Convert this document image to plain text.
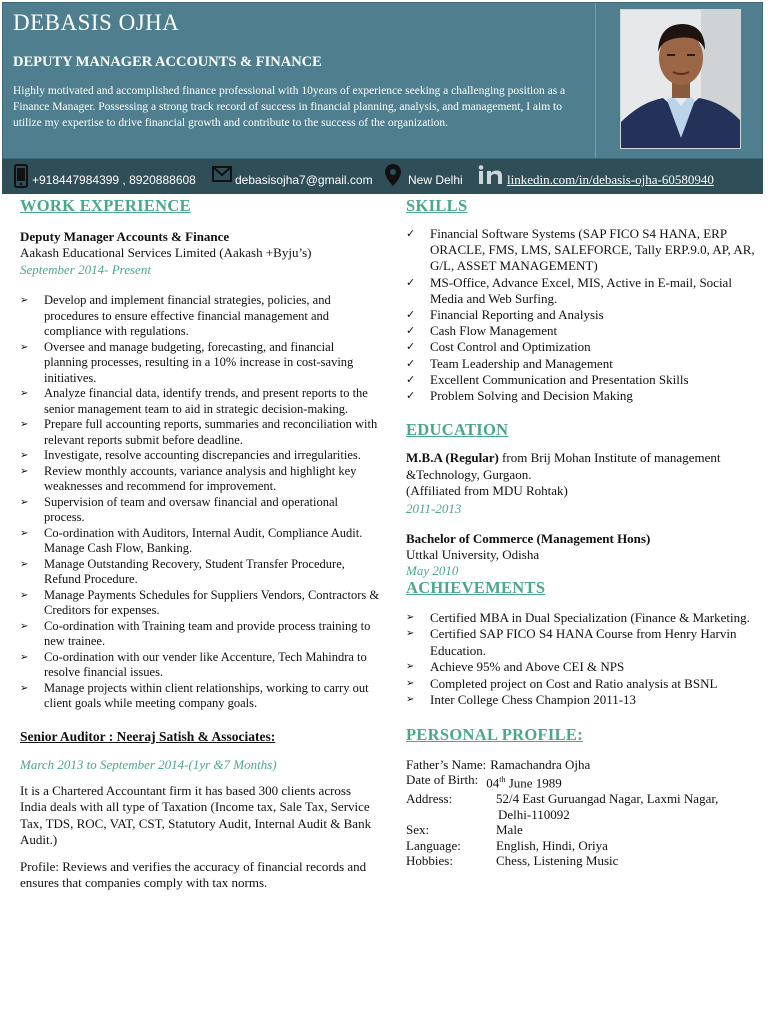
DEBASIS OJHA
DEPUTY MANAGER ACCOUNTS & FINANCE
Highly motivated and accomplished finance professional with 10years of experience seeking a challenging position as a Finance Manager. Possessing a strong track record of success in financial planning, analysis, and management, I aim to utilize my expertise to drive financial growth and contribute to the success of the organization.
+918447984399 , 8920888608	debasisojha7@gmail.com	New Delhi	linkedin.com/in/debasis-ojha-60580940
WORK EXPERIENCE
Deputy Manager Accounts & Finance
Aakash Educational Services Limited (Aakash +Byju’s)
September 2014- Present
➢ Develop and implement financial strategies, policies, and procedures to ensure effective financial management and compliance with regulations.
➢ Oversee and manage budgeting, forecasting, and financial planning processes, resulting in a 10% increase in cost-saving initiatives.
➢ Analyze financial data, identify trends, and present reports to the senior management team to aid in strategic decision-making.
➢ Prepare full accounting reports, summaries and reconciliation with relevant reports submit before deadline.
➢ Investigate, resolve accounting discrepancies and irregularities.
➢ Review monthly accounts, variance analysis and highlight key weaknesses and recommend for improvement.
➢ Supervision of team and oversaw financial and operational process.
➢ Co-ordination with Auditors, Internal Audit, Compliance Audit. Manage Cash Flow, Banking.
➢ Manage Outstanding Recovery, Student Transfer Procedure, Refund Procedure.
➢ Manage Payments Schedules for Suppliers Vendors, Contractors & Creditors for expenses.
➢ Co-ordination with Training team and provide process training to new trainee.
➢ Co-ordination with our vender like Accenture, Tech Mahindra to resolve financial issues.
➢ Manage projects within client relationships, working to carry out client goals while meeting company goals.
Senior Auditor : Neeraj Satish & Associates:
March 2013 to September 2014-(1yr &7 Months)
It is a Chartered Accountant firm it has based 300 clients across India deals with all type of Taxation (Income tax, Sale Tax, Service Tax, TDS, ROC, VAT, CST, Statutory Audit, Internal Audit & Bank Audit.)
Profile: Reviews and verifies the accuracy of financial records and ensures that companies comply with tax norms.
SKILLS
✓ Financial Software Systems (SAP FICO S4 HANA, ERP ORACLE, FMS, LMS, SALEFORCE, Tally ERP.9.0, AP, AR, G/L, ASSET MANAGEMENT)
✓ MS-Office, Advance Excel, MIS, Active in E-mail, Social Media and Web Surfing.
✓ Financial Reporting and Analysis
✓ Cash Flow Management
✓ Cost Control and Optimization
✓ Team Leadership and Management
✓ Excellent Communication and Presentation Skills
✓ Problem Solving and Decision Making
EDUCATION
M.B.A (Regular) from Brij Mohan Institute of management &Technology, Gurgaon.
(Affiliated from MDU Rohtak)
2011-2013
Bachelor of Commerce (Management Hons)
Uttkal University, Odisha
May 2010
ACHIEVEMENTS
➢ Certified MBA in Dual Specialization (Finance & Marketing.
➢ Certified SAP FICO S4 HANA Course from Henry Harvin Education.
➢ Achieve 95% and Above CEI & NPS
➢ Completed project on Cost and Ratio analysis at BSNL
➢ Inter College Chess Champion 2011-13
PERSONAL PROFILE:
Father’s Name: Ramachandra Ojha
Date of Birth: 04th June 1989
Address:	52/4 East Guruangad Nagar, Laxmi Nagar,
Delhi-110092
Sex:	Male
Language:	English, Hindi, Oriya
Hobbies:	Chess, Listening Music
